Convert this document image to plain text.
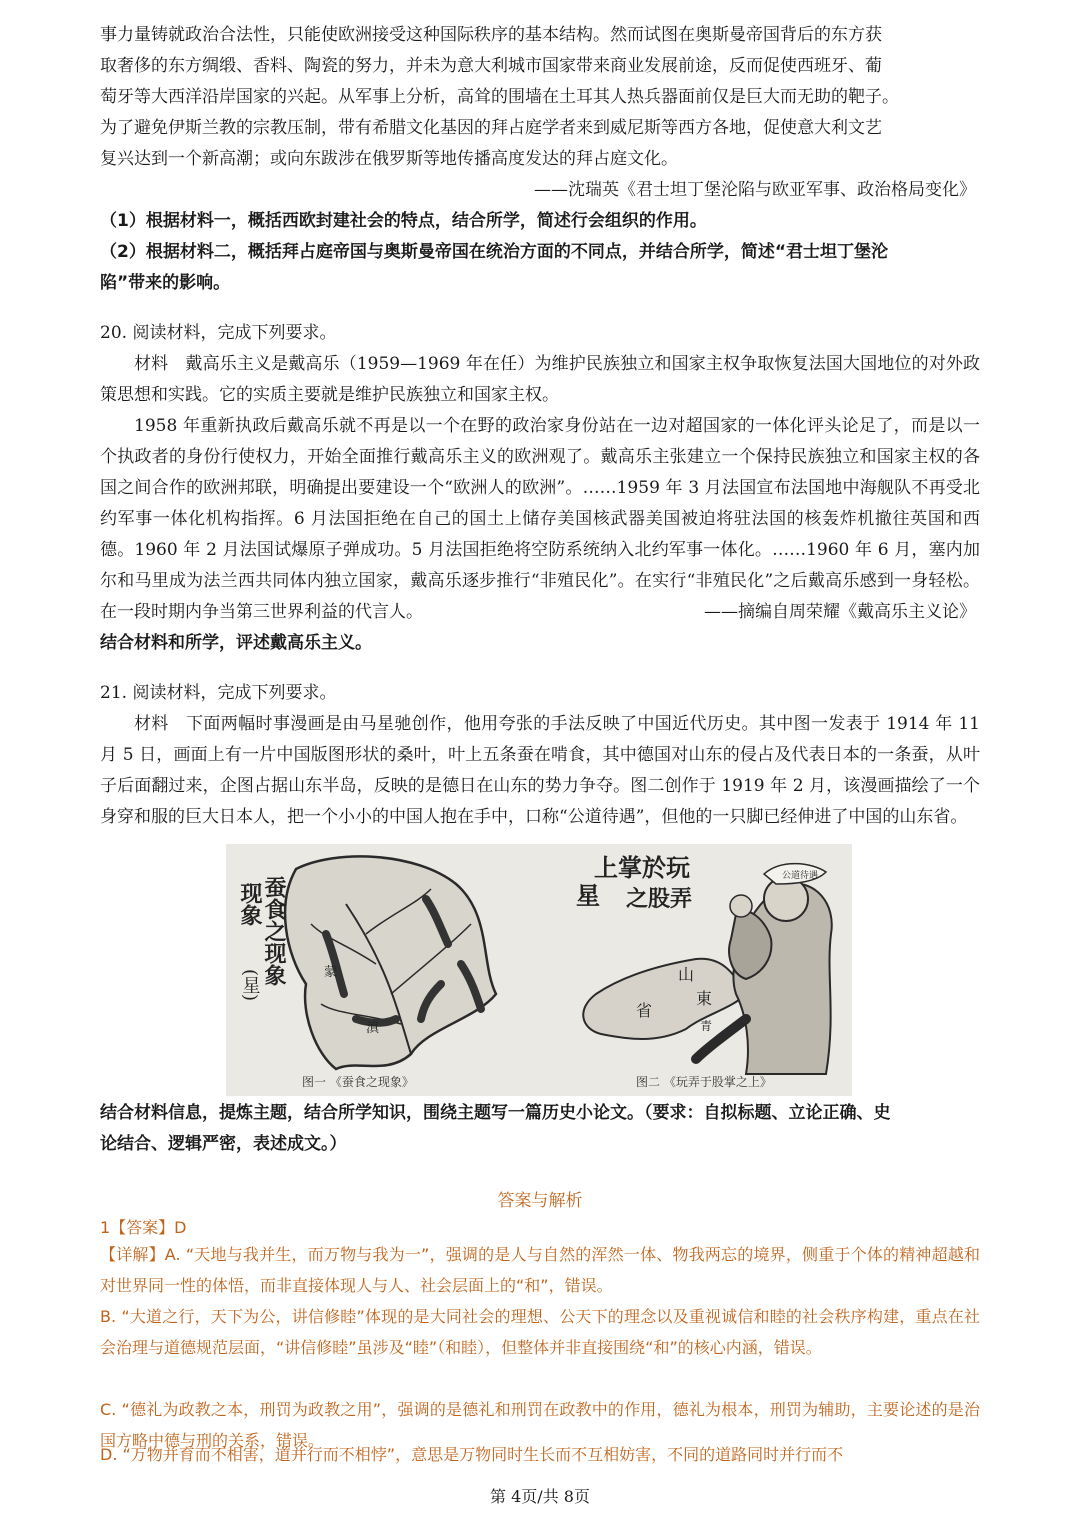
事力量铸就政治合法性，只能使欧洲接受这种国际秩序的基本结构。然而试图在奥斯曼帝国背后的东方获

取奢侈的东方绸缎、香料、陶瓷的努力，并未为意大利城市国家带来商业发展前途，反而促使西班牙、葡

萄牙等大西洋沿岸国家的兴起。从军事上分析，高耸的围墙在土耳其人热兵器面前仅是巨大而无助的靶子。

为了避免伊斯兰教的宗教压制，带有希腊文化基因的拜占庭学者来到威尼斯等西方各地，促使意大利文艺

复兴达到一个新高潮；或向东跋涉在俄罗斯等地传播高度发达的拜占庭文化。

——沈瑞英《君士坦丁堡沦陷与欧亚军事、政治格局变化》

（1）根据材料一，概括西欧封建社会的特点，结合所学，简述行会组织的作用。

（2）根据材料二，概括拜占庭帝国与奥斯曼帝国在统治方面的不同点，并结合所学，简述“君士坦丁堡沦

陷”带来的影响。

20. 阅读材料，完成下列要求。

材料　戴高乐主义是戴高乐（1959—1969 年在任）为维护民族独立和国家主权争取恢复法国大国地位的对外政策思想和实践。它的实质主要就是维护民族独立和国家主权。

1958 年重新执政后戴高乐就不再是以一个在野的政治家身份站在一边对超国家的一体化评头论足了，而是以一个执政者的身份行使权力，开始全面推行戴高乐主义的欧洲观了。戴高乐主张建立一个保持民族独立和国家主权的各国之间合作的欧洲邦联，明确提出要建设一个“欧洲人的欧洲”。……1959 年 3 月法国宣布法国地中海舰队不再受北约军事一体化机构指挥。6 月法国拒绝在自己的国土上储存美国核武器美国被迫将驻法国的核轰炸机撤往英国和西德。1960 年 2 月法国试爆原子弹成功。5 月法国拒绝将空防系统纳入北约军事一体化。……1960 年 6 月，塞内加尔和马里成为法兰西共同体内独立国家，戴高乐逐步推行“非殖民化”。在实行“非殖民化”之后戴高乐感到一身轻松。在一段时期内争当第三世界利益的代言人。	——摘编自周荣耀《戴高乐主义论》

结合材料和所学，评述戴高乐主义。

21. 阅读材料，完成下列要求。

材料　下面两幅时事漫画是由马星驰创作，他用夸张的手法反映了中国近代历史。其中图一发表于 1914 年 11 月 5 日，画面上有一片中国版图形状的桑叶，叶上五条蚕在啃食，其中德国对山东的侵占及代表日本的一条蚕，从叶子后面翻过来，企图占据山东半岛，反映的是德日在山东的势力争夺。图二创作于 1919 年 2 月，该漫画描绘了一个身穿和服的巨大日本人，把一个小小的中国人抱在手中，口称“公道待遇”，但他的一只脚已经伸进了中国的山东省。

蚕食之现象
现象
(星)	蒙
滇
图一 《蚕食之现象》
上掌於玩
之股弄
星
公道待遇
山
東
省
青
图二 《玩弄于股掌之上》

结合材料信息，提炼主题，结合所学知识，围绕主题写一篇历史小论文。（要求：自拟标题、立论正确、史

论结合、逻辑严密，表述成文。）

答案与解析

1【答案】D

【详解】A. “天地与我并生，而万物与我为一”，强调的是人与自然的浑然一体、物我两忘的境界，侧重于个体的精神超越和对世界同一性的体悟，而非直接体现人与人、社会层面上的“和”，错误。

B. “大道之行，天下为公，讲信修睦”体现的是大同社会的理想、公天下的理念以及重视诚信和睦的社会秩序构建，重点在社会治理与道德规范层面，“讲信修睦”虽涉及“睦”（和睦），但整体并非直接围绕“和”的核心内涵，错误。

C. “德礼为政教之本，刑罚为政教之用”，强调的是德礼和刑罚在政教中的作用，德礼为根本，刑罚为辅助，主要论述的是治国方略中德与刑的关系，错误。

D. “万物并育而不相害，道并行而不相悖”，意思是万物同时生长而不互相妨害，不同的道路同时并行而不

第 4页/共 8页
